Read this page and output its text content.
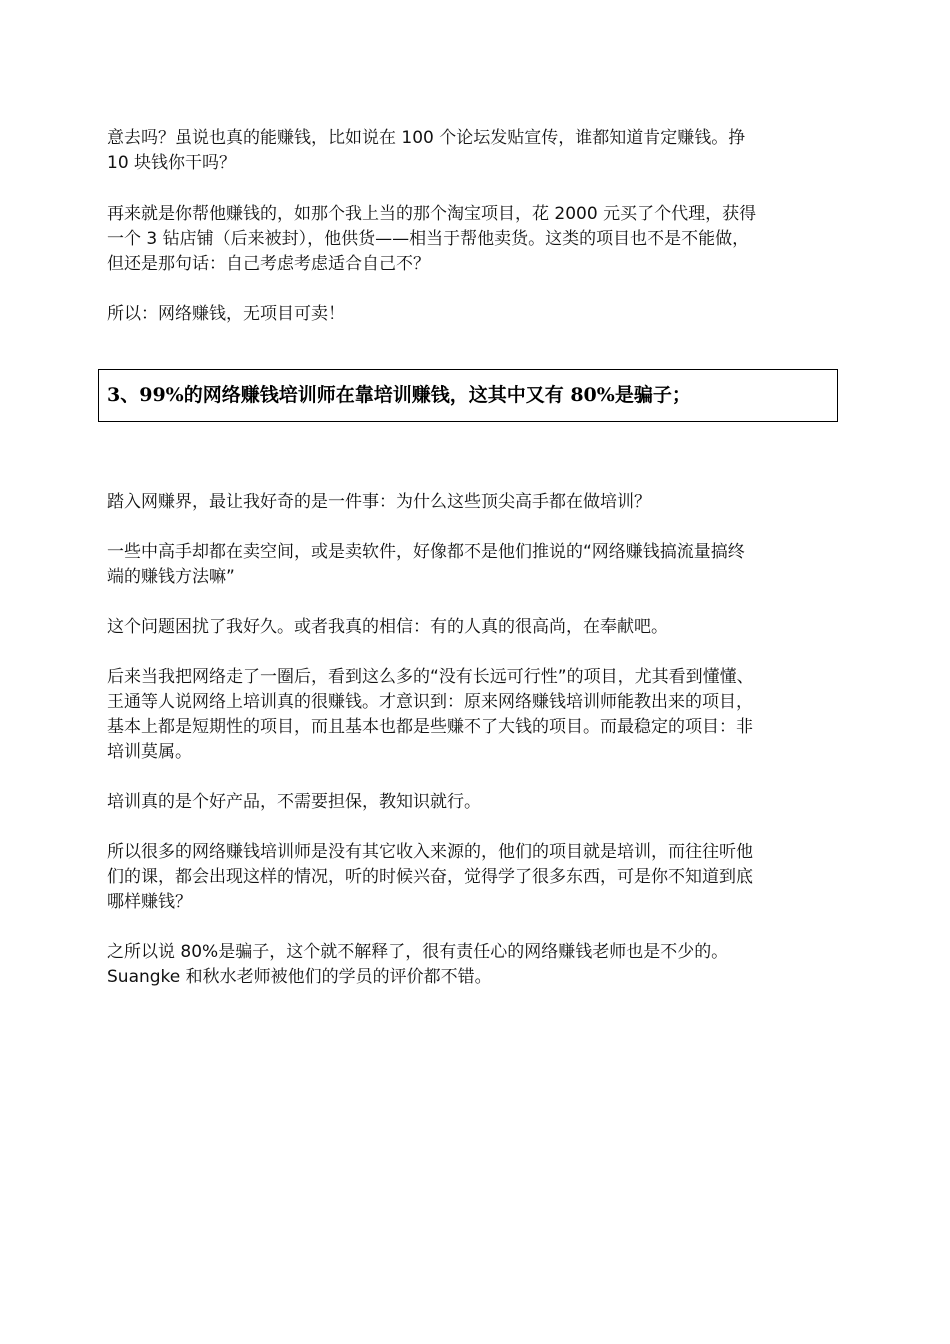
意去吗？虽说也真的能赚钱，比如说在 100 个论坛发贴宣传，谁都知道肯定赚钱。挣
10 块钱你干吗？

再来就是你帮他赚钱的，如那个我上当的那个淘宝项目，花 2000 元买了个代理，获得
一个 3 钻店铺（后来被封），他供货——相当于帮他卖货。这类的项目也不是不能做，
但还是那句话：自己考虑考虑适合自己不？

所以：网络赚钱，无项目可卖！

3、99%的网络赚钱培训师在靠培训赚钱，这其中又有 80%是骗子；

踏入网赚界，最让我好奇的是一件事：为什么这些顶尖高手都在做培训？

一些中高手却都在卖空间，或是卖软件，好像都不是他们推说的“网络赚钱搞流量搞终
端的赚钱方法嘛”

这个问题困扰了我好久。或者我真的相信：有的人真的很高尚，在奉献吧。

后来当我把网络走了一圈后，看到这么多的“没有长远可行性”的项目，尤其看到懂懂、
王通等人说网络上培训真的很赚钱。才意识到：原来网络赚钱培训师能教出来的项目，
基本上都是短期性的项目，而且基本也都是些赚不了大钱的项目。而最稳定的项目：非
培训莫属。

培训真的是个好产品，不需要担保，教知识就行。

所以很多的网络赚钱培训师是没有其它收入来源的，他们的项目就是培训，而往往听他
们的课，都会出现这样的情况，听的时候兴奋，觉得学了很多东西，可是你不知道到底
哪样赚钱？

之所以说 80%是骗子，这个就不解释了，很有责任心的网络赚钱老师也是不少的。
Suangke 和秋水老师被他们的学员的评价都不错。
